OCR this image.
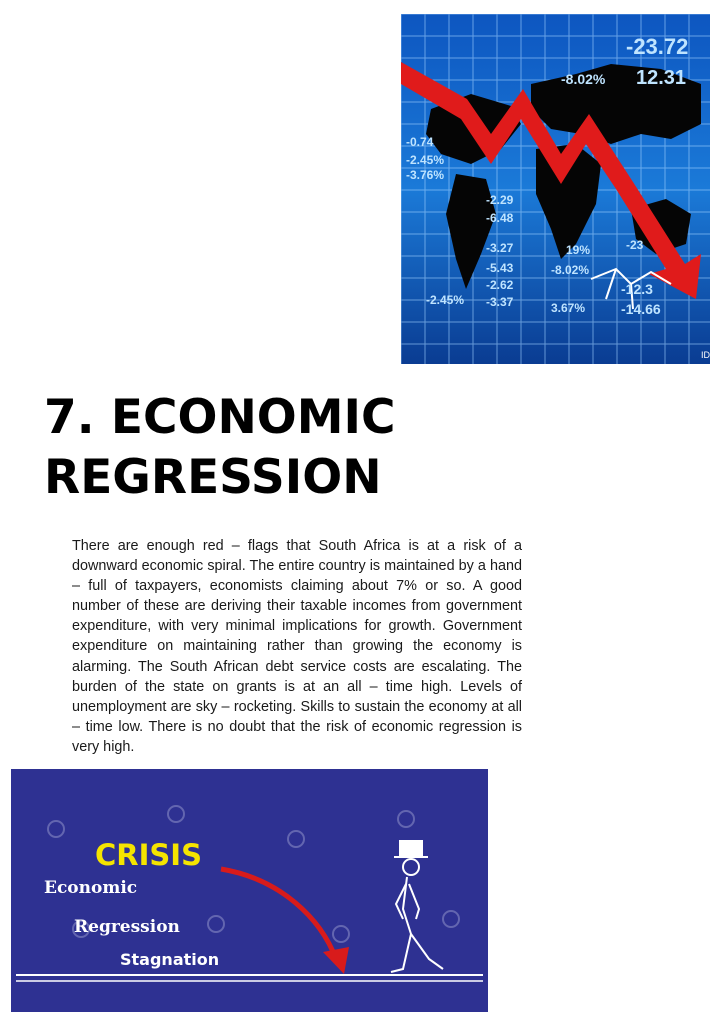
ID
-23.72
12.31
-8.02%
-0.74
-2.45%
-3.76%
-2.29
-6.48
-3.27
-5.43
-2.62
-3.37
-8.02%
-12.3
-14.66
-2.45%
19%	-23
3.67%
7. ECONOMIC
REGRESSION

There are enough red – flags that South Africa is at a risk of a downward economic spiral. The entire country is maintained by a hand – full of taxpayers, economists claiming about 7% or so. A good number of these are deriving their taxable incomes from government expenditure, with very minimal implications for growth. Government expenditure on maintaining rather than growing the economy is alarming. The South African debt service costs are escalating. The burden of the state on grants is at an all – time high. Levels of unemployment are sky – rocketing. Skills to sustain the economy at all – time low. There is no doubt that the risk of economic regression is very high.

CRISIS
Economic
Regression
Stagnation
